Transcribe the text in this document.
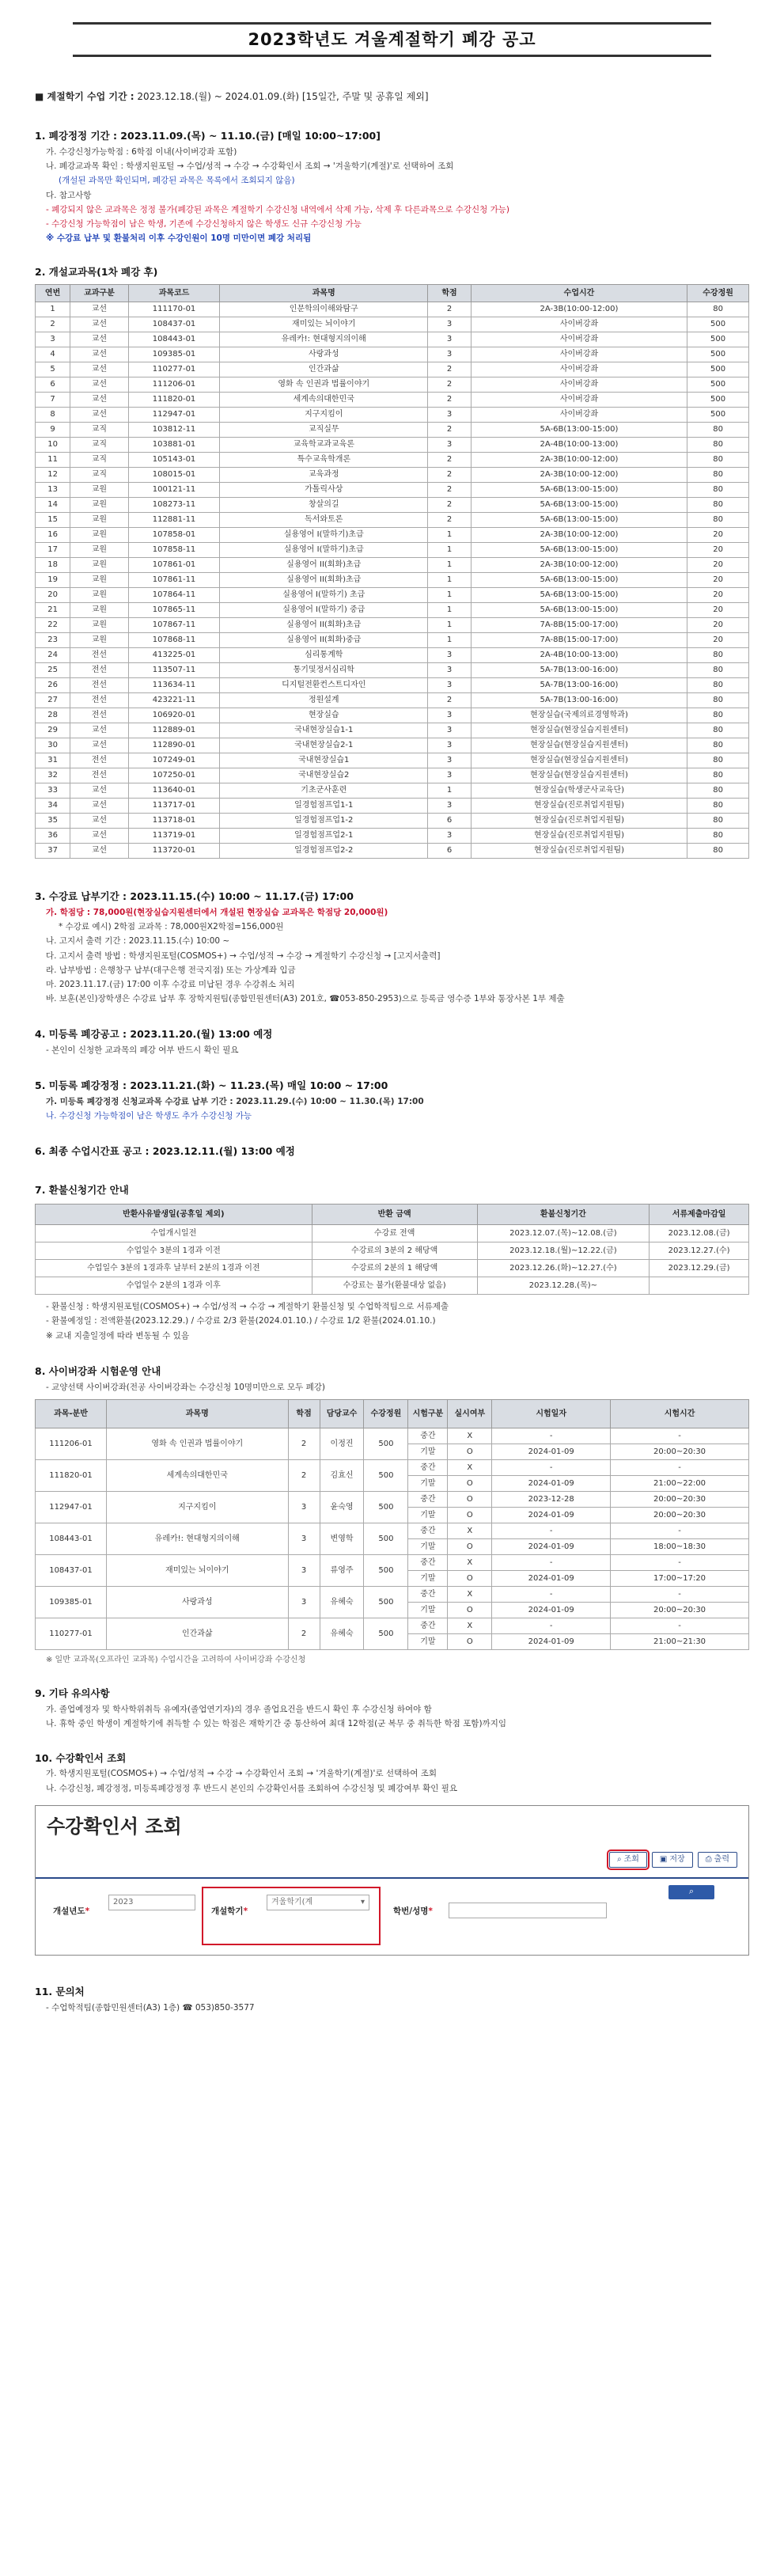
2023학년도 겨울계절학기 폐강 공고
■ 계절학기 수업 기간 : 2023.12.18.(월) ~ 2024.01.09.(화) [15일간, 주말 및 공휴일 제외]
1. 폐강정정 기간 : 2023.11.09.(목) ~ 11.10.(금) [매일 10:00~17:00]
가. 수강신청가능학점 : 6학점 이내(사이버강좌 포함)
나. 폐강교과목 확인 : 학생지원포털 → 수업/성적 → 수강 → 수강확인서 조회 → '겨울학기(계절)'로 선택하여 조회
(개설된 과목만 확인되며, 폐강된 과목은 목록에서 조회되지 않음)
다. 참고사항
- 폐강되지 않은 교과목은 정정 불가(폐강된 과목은 계절학기 수강신청 내역에서 삭제 가능, 삭제 후 다른과목으로 수강신청 가능)
- 수강신청 가능학점이 남은 학생, 기존에 수강신청하지 않은 학생도 신규 수강신청 가능
※ 수강료 납부 및 환불처리 이후 수강인원이 10명 미만이면 폐강 처리됨
2. 개설교과목(1차 폐강 후)
연번	교과구분	과목코드	과목명	학점	수업시간	수강정원
1	교선	111170-01	인문학의이해와탐구	2	2A-3B(10:00-12:00)	80
2	교선	108437-01	재미있는 뇌이야기	3	사이버강좌	500
3	교선	108443-01	유레카!: 현대형지의이해	3	사이버강좌	500
4	교선	109385-01	사랑과성	3	사이버강좌	500
5	교선	110277-01	인간과삶	2	사이버강좌	500
6	교선	111206-01	영화 속 인권과 법률이야기	2	사이버강좌	500
7	교선	111820-01	세계속의대한민국	2	사이버강좌	500
8	교선	112947-01	지구지킴이	3	사이버강좌	500
9	교직	103812-11	교직실무	2	5A-6B(13:00-15:00)	80
10	교직	103881-01	교육학교과교육론	3	2A-4B(10:00-13:00)	80
11	교직	105143-01	특수교육학개론	2	2A-3B(10:00-12:00)	80
12	교직	108015-01	교육과정	2	2A-3B(10:00-12:00)	80
13	교원	100121-11	가톨릭사상	2	5A-6B(13:00-15:00)	80
14	교원	108273-11	창살의길	2	5A-6B(13:00-15:00)	80
15	교원	112881-11	독서와토론	2	5A-6B(13:00-15:00)	80
16	교원	107858-01	실용영어 I(말하기)초급	1	2A-3B(10:00-12:00)	20
17	교원	107858-11	실용영어 I(말하기)초급	1	5A-6B(13:00-15:00)	20
18	교원	107861-01	실용영어 II(회화)초급	1	2A-3B(10:00-12:00)	20
19	교원	107861-11	실용영어 II(회화)초급	1	5A-6B(13:00-15:00)	20
20	교원	107864-11	실용영어 I(말하기) 초급	1	5A-6B(13:00-15:00)	20
21	교원	107865-11	실용영어 I(말하기) 중급	1	5A-6B(13:00-15:00)	20
22	교원	107867-11	실용영어 II(회화)초급	1	7A-8B(15:00-17:00)	20
23	교원	107868-11	실용영어 II(회화)중급	1	7A-8B(15:00-17:00)	20
24	전선	413225-01	심리통계학	3	2A-4B(10:00-13:00)	80
25	전선	113507-11	통기및정서심리학	3	5A-7B(13:00-16:00)	80
26	전선	113634-11	디지털전환컨스트디자인	3	5A-7B(13:00-16:00)	80
27	전선	423221-11	정원설계	2	5A-7B(13:00-16:00)	80
28	전선	106920-01	현장실습	3	현장실습(국제의료경영학과)	80
29	교선	112889-01	국내현장실습1-1	3	현장실습(현장실습지원센터)	80
30	교선	112890-01	국내현장실습2-1	3	현장실습(현장실습지원센터)	80
31	전선	107249-01	국내현장실습1	3	현장실습(현장실습지원센터)	80
32	전선	107250-01	국내현장실습2	3	현장실습(현장실습지원센터)	80
33	교선	113640-01	기초군사훈련	1	현장실습(학생군사교육단)	80
34	교선	113717-01	일경험점프업1-1	3	현장실습(진로취업지원팀)	80
35	교선	113718-01	일경험점프업1-2	6	현장실습(진로취업지원팀)	80
36	교선	113719-01	일경험점프업2-1	3	현장실습(진로취업지원팀)	80
37	교선	113720-01	일경험점프업2-2	6	현장실습(진로취업지원팀)	80
3. 수강료 납부기간 : 2023.11.15.(수) 10:00 ~ 11.17.(금) 17:00
가. 학점당 : 78,000원(현장실습지원센터에서 개설된 현장실습 교과목은 학점당 20,000원)
* 수강료 예시) 2학점 교과목 : 78,000원X2학점=156,000원
나. 고지서 출력 기간 : 2023.11.15.(수) 10:00 ~
다. 고지서 출력 방법 : 학생지원포털(COSMOS+) → 수업/성적 → 수강 → 계절학기 수강신청 → [고지서출력]
라. 납부방법 : 은행창구 납부(대구은행 전국지점) 또는 가상계좌 입금
마. 2023.11.17.(금) 17:00 이후 수강료 미납된 경우 수강취소 처리
바. 보훈(본인)장학생은 수강료 납부 후 장학지원팀(종합민원센터(A3) 201호, ☎053-850-2953)으로 등록금 영수증 1부와 통장사본 1부 제출
4. 미등록 폐강공고 : 2023.11.20.(월) 13:00 예정
- 본인이 신청한 교과목의 폐강 여부 반드시 확인 필요
5. 미등록 폐강정정 : 2023.11.21.(화) ~ 11.23.(목) 매일 10:00 ~ 17:00
가. 미등록 폐강정정 신청교과목 수강료 납부 기간 : 2023.11.29.(수) 10:00 ~ 11.30.(목) 17:00
나. 수강신청 가능학점이 남은 학생도 추가 수강신청 가능
6. 최종 수업시간표 공고 : 2023.12.11.(월) 13:00 예정
7. 환불신청기간 안내
반환사유발생일(공휴일 제외)	반환 금액	환불신청기간	서류제출마감일
수업개시일전	수강료 전액	2023.12.07.(목)~12.08.(금)	2023.12.08.(금)
수업일수 3분의 1경과 이전	수강료의 3분의 2 해당액	2023.12.18.(월)~12.22.(금)	2023.12.27.(수)
수업일수 3분의 1경과후 날부터 2분의 1경과 이전	수강료의 2분의 1 해당액	2023.12.26.(화)~12.27.(수)	2023.12.29.(금)
수업일수 2분의 1경과 이후	수강료는 불가(환불대상 없음)	2023.12.28.(목)~	
- 환불신청 : 학생지원포털(COSMOS+) → 수업/성적 → 수강 → 계절학기 환불신청 및 수업학적팀으로 서류제출
- 환불예정일 : 전액환불(2023.12.29.) / 수강료 2/3 환불(2024.01.10.) / 수강료 1/2 환불(2024.01.10.)
※ 교내 지출일정에 따라 변동될 수 있음
8. 사이버강좌 시험운영 안내
- 교양선택 사이버강좌(전공 사이버강좌는 수강신청 10명미만으로 모두 폐강)
과목-분반	과목명	학점	담당교수	수강정원	시험구분	실시여부	시험일자	시험시간
111206-01	영화 속 인권과 법률이야기	2	이정진	500	중간	X	-	-
					기말	O	2024-01-09	20:00~20:30
111820-01	세계속의대한민국	2	김효신	500	중간	X	-	-
					기말	O	2024-01-09	21:00~22:00
112947-01	지구지킴이	3	윤숙영	500	중간	O	2023-12-28	20:00~20:30
					기말	O	2024-01-09	20:00~20:30
108443-01	유레카!: 현대형지의이해	3	변영학	500	중간	X	-	-
					기말	O	2024-01-09	18:00~18:30
108437-01	재미있는 뇌이야기	3	류영주	500	중간	X	-	-
					기말	O	2024-01-09	17:00~17:20
109385-01	사랑과성	3	유혜숙	500	중간	X	-	-
					기말	O	2024-01-09	20:00~20:30
110277-01	인간과삶	2	유혜숙	500	중간	X	-	-
					기말	O	2024-01-09	21:00~21:30
※ 일반 교과목(오프라인 교과목) 수업시간을 고려하여 사이버강좌 수강신청
9. 기타 유의사항
가. 졸업예정자 및 학사학위취득 유예자(졸업연기자)의 경우 졸업요건을 반드시 확인 후 수강신청 하여야 함
나. 휴학 중인 학생이 계절학기에 취득할 수 있는 학점은 재학기간 중 통산하여 최대 12학점(군 복무 중 취득한 학점 포함)까지임
10. 수강확인서 조회
가. 학생지원포털(COSMOS+) → 수업/성적 → 수강 → 수강확인서 조회 → '겨울학기(계절)'로 선택하여 조회
나. 수강신청, 폐강정정, 미등록폐강정정 후 반드시 본인의 수강확인서를 조회하여 수강신청 및 폐강여부 확인 필요
수강확인서 조회
⌕ 조회	▣ 저장	⎙ 출력
개설년도*
2023
개설학기*
겨울학기(계	▾
학번/성명*
⌕
11. 문의처
- 수업학적팀(종합민원센터(A3) 1층) ☎ 053)850-3577
